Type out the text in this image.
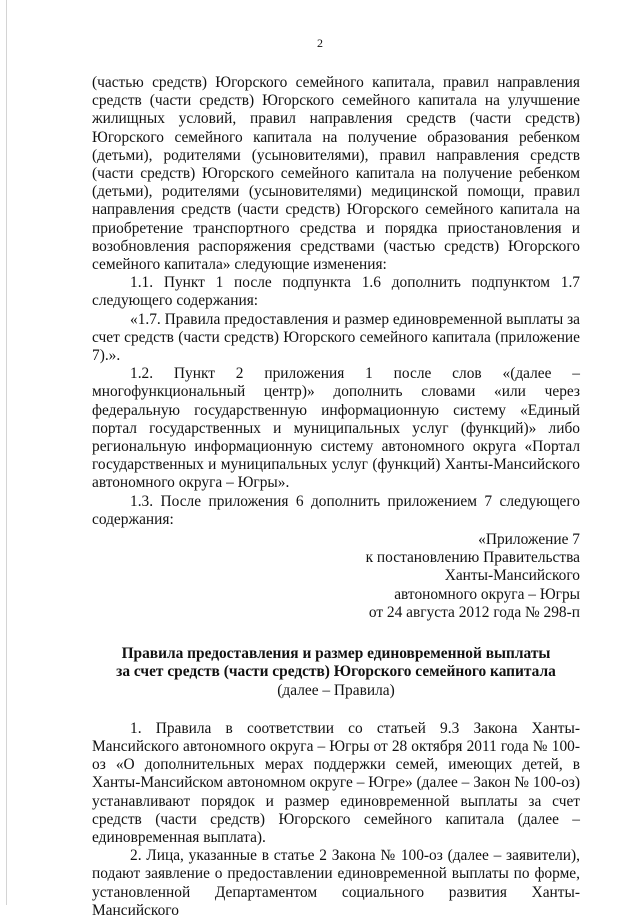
2

(частью средств) Югорского семейного капитала, правил направления средств (части средств) Югорского семейного капитала на улучшение жилищных условий, правил направления средств (части средств) Югорского семейного капитала на получение образования ребенком (детьми), родителями (усыновителями), правил направления средств (части средств) Югорского семейного капитала на получение ребенком (детьми), родителями (усыновителями) медицинской помощи, правил направления средств (части средств) Югорского семейного капитала на приобретение транспортного средства и порядка приостановления и возобновления распоряжения средствами (частью средств) Югорского семейного капитала» следующие изменения:

1.1. Пункт 1 после подпункта 1.6 дополнить подпунктом 1.7 следующего содержания:

«1.7. Правила предоставления и размер единовременной выплаты за счет средств (части средств) Югорского семейного капитала (приложение 7).».

1.2. Пункт 2 приложения 1 после слов «(далее – многофункциональный центр)» дополнить словами «или через федеральную государственную информационную систему «Единый портал государственных и муниципальных услуг (функций)» либо региональную информационную систему автономного округа «Портал государственных и муниципальных услуг (функций) Ханты-Мансийского автономного округа – Югры».

1.3. После приложения 6 дополнить приложением 7 следующего содержания:

«Приложение 7
к постановлению Правительства
Ханты-Мансийского
автономного округа – Югры
от 24 августа 2012 года № 298-п
Правила предоставления и размер единовременной выплаты
за счет средств (части средств) Югорского семейного капитала
(далее – Правила)

1. Правила в соответствии со статьей 9.3 Закона Ханты-Мансийского автономного округа – Югры от 28 октября 2011 года № 100-оз «О дополнительных мерах поддержки семей, имеющих детей, в Ханты-Мансийском автономном округе – Югре» (далее – Закон № 100-оз) устанавливают порядок и размер единовременной выплаты за счет средств (части средств) Югорского семейного капитала (далее – единовременная выплата).

2. Лица, указанные в статье 2 Закона № 100-оз (далее – заявители), подают заявление о предоставлении единовременной выплаты по форме, установленной Департаментом социального развития Ханты-Мансийского
